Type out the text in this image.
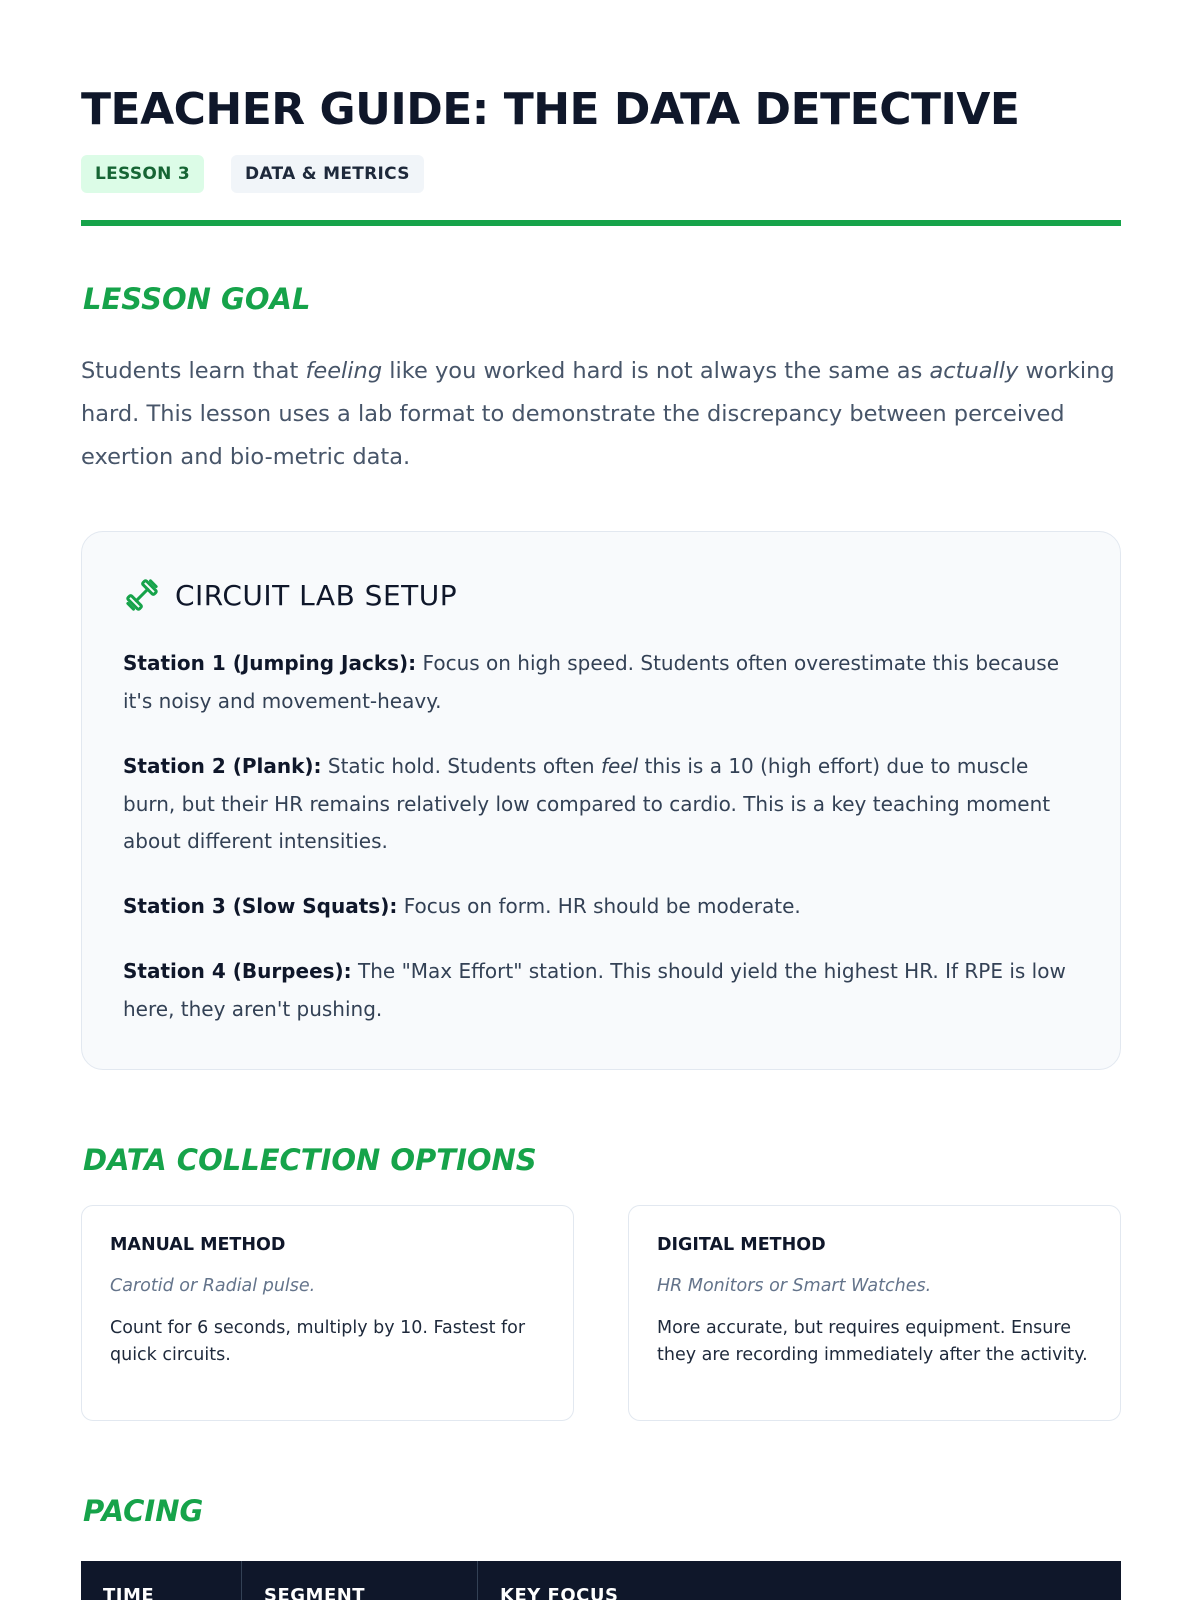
TEACHER GUIDE: THE DATA DETECTIVE
LESSON 3	DATA & METRICS
LESSON GOAL

Students learn that feeling like you worked hard is not always the same as actually working hard. This lesson uses a lab format to demonstrate the discrepancy between perceived exertion and bio-metric data.

CIRCUIT LAB SETUP

Station 1 (Jumping Jacks): Focus on high speed. Students often overestimate this because it's noisy and movement-heavy.

Station 2 (Plank): Static hold. Students often feel this is a 10 (high effort) due to muscle burn, but their HR remains relatively low compared to cardio. This is a key teaching moment about different intensities.

Station 3 (Slow Squats): Focus on form. HR should be moderate.

Station 4 (Burpees): The "Max Effort" station. This should yield the highest HR. If RPE is low here, they aren't pushing.

DATA COLLECTION OPTIONS
MANUAL METHOD
Carotid or Radial pulse.
Count for 6 seconds, multiply by 10. Fastest for quick circuits.
DIGITAL METHOD
HR Monitors or Smart Watches.
More accurate, but requires equipment. Ensure they are recording immediately after the activity.
PACING
TIME	SEGMENT	KEY FOCUS
